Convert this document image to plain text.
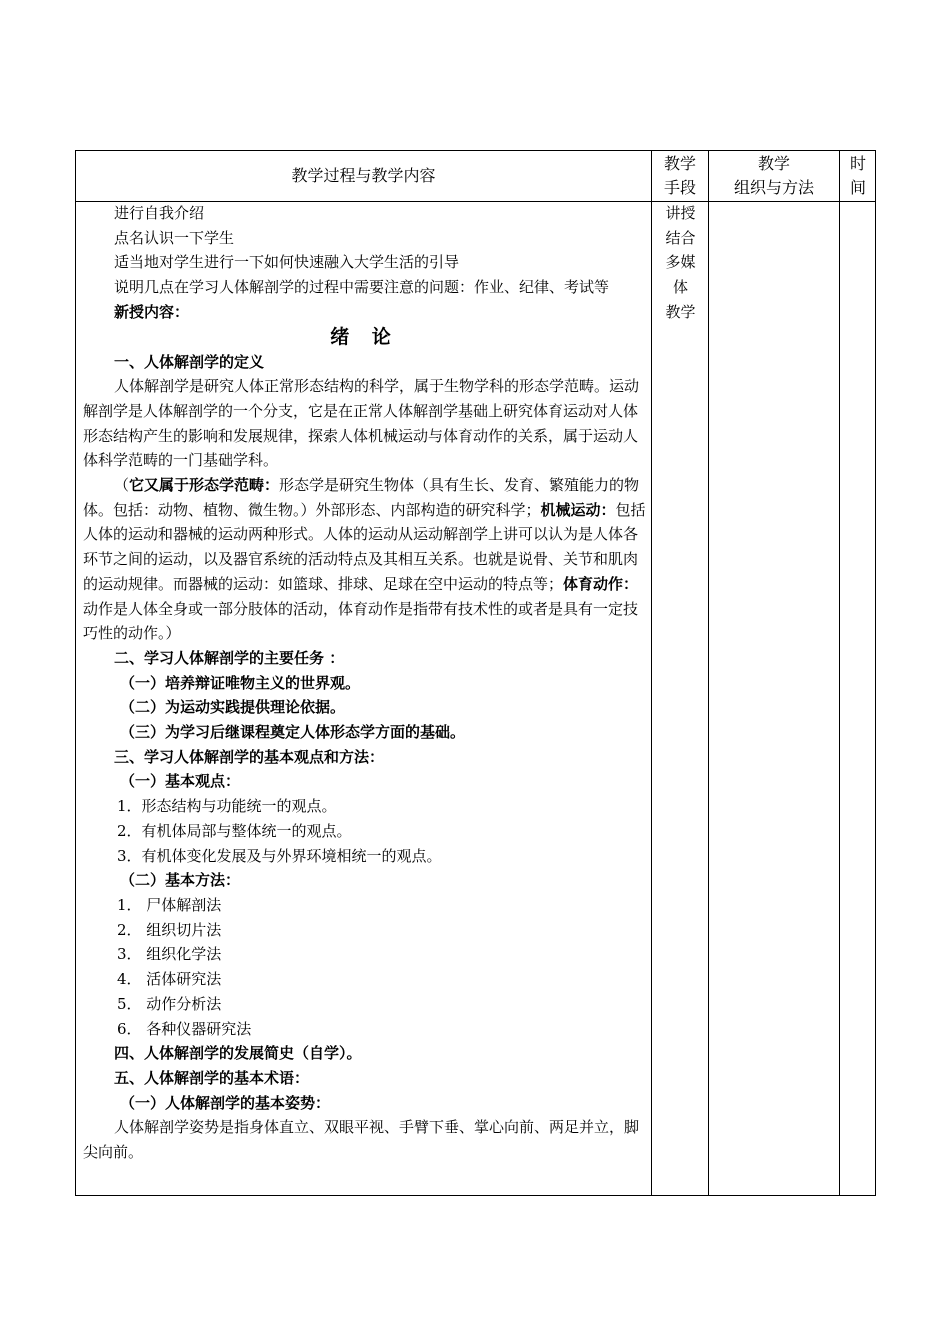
教学过程与教学内容
教学
手段
教学
组织与方法
时
间
讲授
结合
多媒
体
教学

进行自我介绍

点名认识一下学生

适当地对学生进行一下如何快速融入大学生活的引导

说明几点在学习人体解剖学的过程中需要注意的问题：作业、纪律、考试等

新授内容：

绪 论

一、人体解剖学的定义

人体解剖学是研究人体正常形态结构的科学，属于生物学科的形态学范畴。运动解剖学是人体解剖学的一个分支，它是在正常人体解剖学基础上研究体育运动对人体形态结构产生的影响和发展规律，探索人体机械运动与体育动作的关系，属于运动人体科学范畴的一门基础学科。

（它又属于形态学范畴：形态学是研究生物体（具有生长、发育、繁殖能力的物体。包括：动物、植物、微生物。）外部形态、内部构造的研究科学；机械运动：包括人体的运动和器械的运动两种形式。人体的运动从运动解剖学上讲可以认为是人体各环节之间的运动，以及器官系统的活动特点及其相互关系。也就是说骨、关节和肌肉的运动规律。而器械的运动：如篮球、排球、足球在空中运动的特点等；体育动作：动作是人体全身或一部分肢体的活动，体育动作是指带有技术性的或者是具有一定技巧性的动作。）

二、学习人体解剖学的主要任务 ：

（一）培养辩证唯物主义的世界观。

（二）为运动实践提供理论依据。

（三）为学习后继课程奠定人体形态学方面的基础。

三、学习人体解剖学的基本观点和方法：

（一）基本观点：

1．形态结构与功能统一的观点。

2．有机体局部与整体统一的观点。

3．有机体变化发展及与外界环境相统一的观点。

（二）基本方法：

1． 尸体解剖法

2． 组织切片法

3． 组织化学法

4． 活体研究法

5． 动作分析法

6． 各种仪器研究法

四、人体解剖学的发展简史（自学）。

五、人体解剖学的基本术语：

（一）人体解剖学的基本姿势：

人体解剖学姿势是指身体直立、双眼平视、手臂下垂、掌心向前、两足并立，脚尖向前。
